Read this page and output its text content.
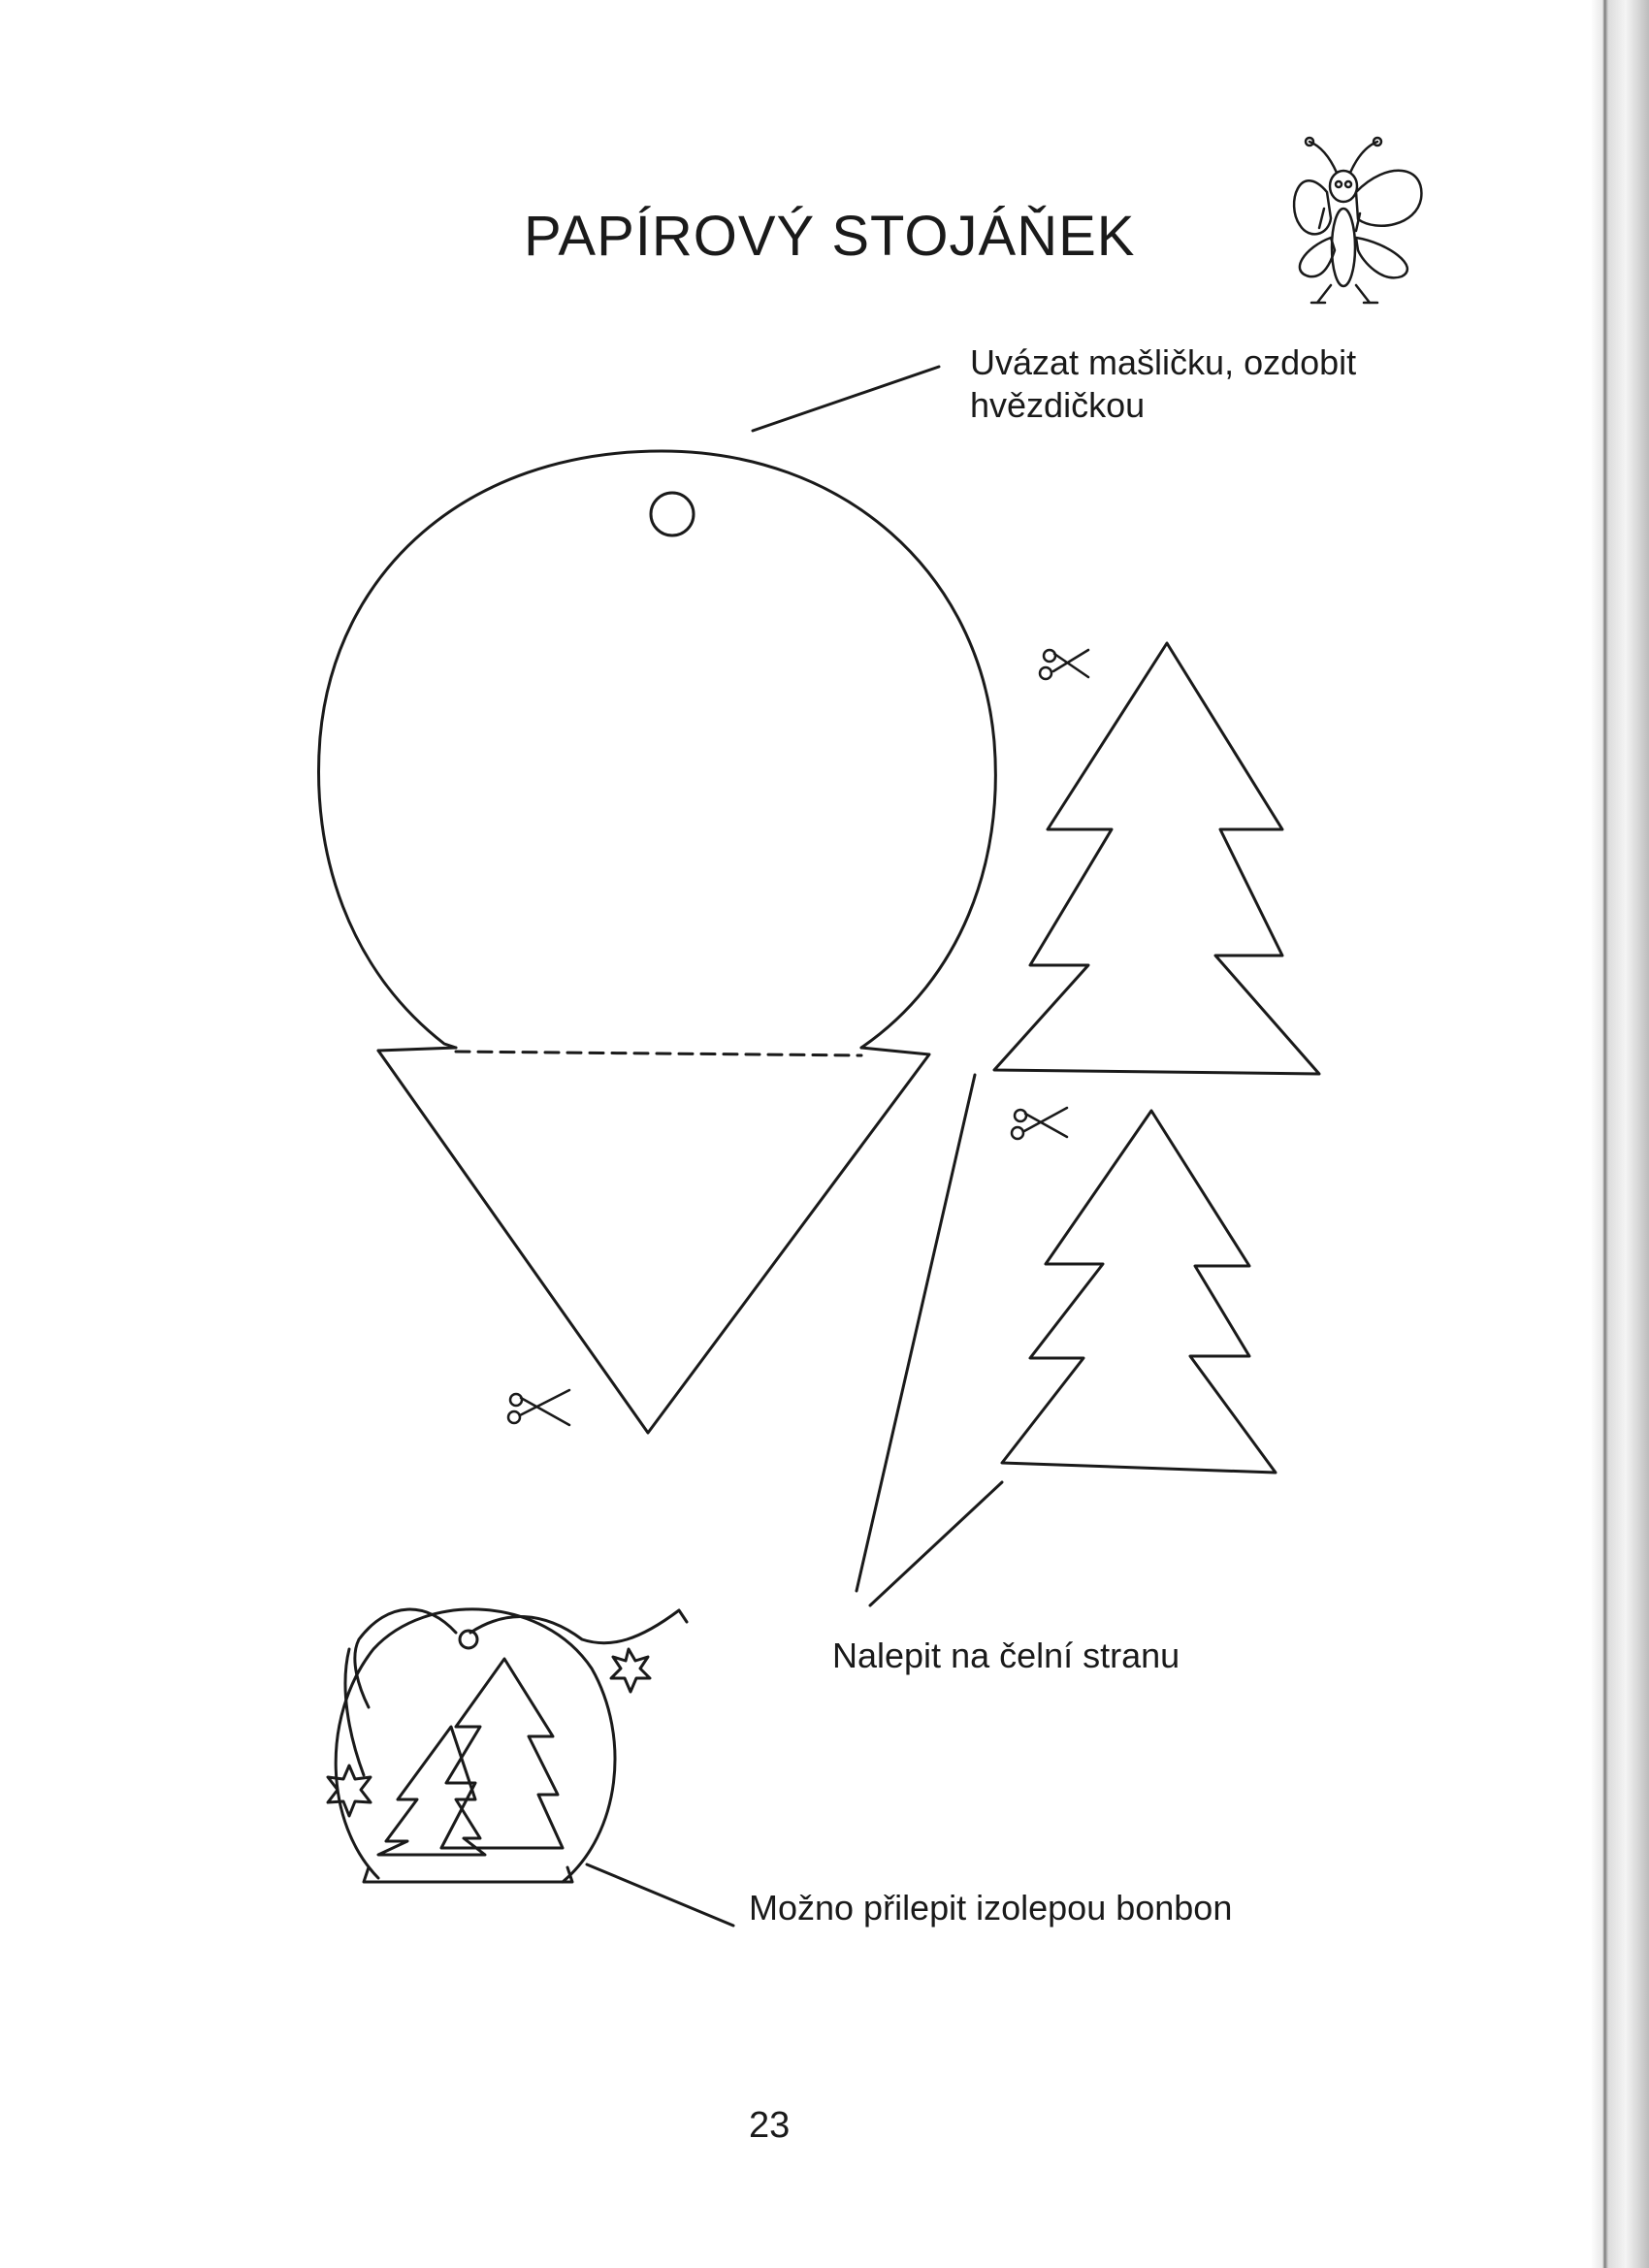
PAPÍROVÝ STOJÁŇEK
Uvázat mašličku, ozdobit
hvězdičkou
Nalepit na čelní stranu
Možno přilepit izolepou bonbon
23
